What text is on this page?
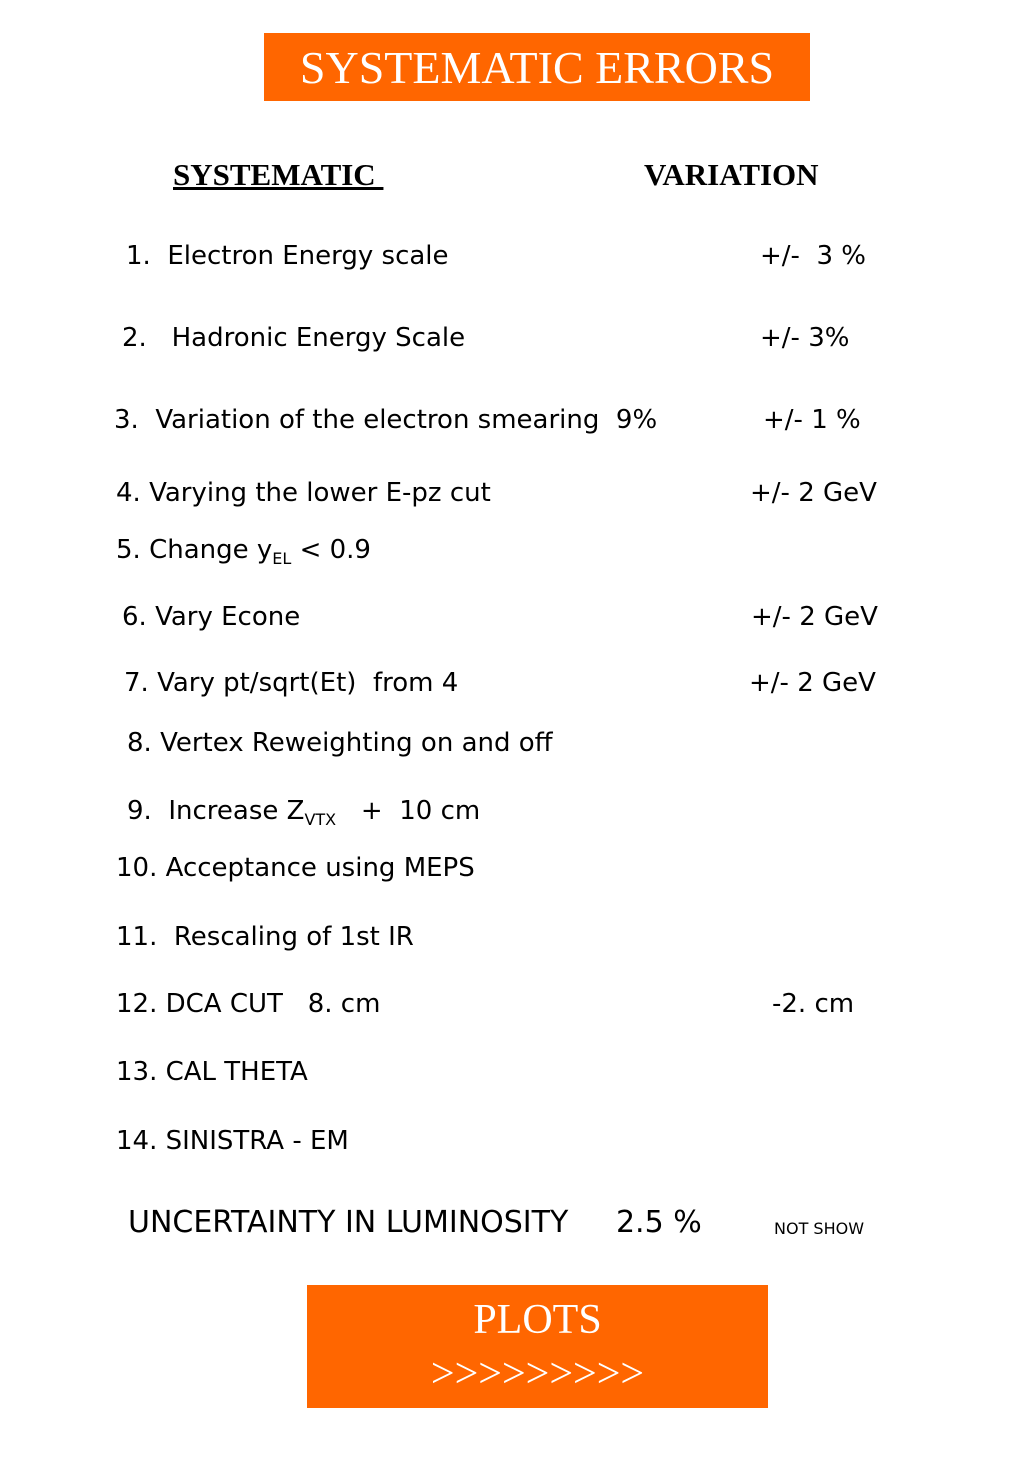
SYSTEMATIC ERRORS
SYSTEMATIC	VARIATION
1.  Electron Energy scale	+/-  3 %
2.   Hadronic Energy Scale	+/- 3%
3.  Variation of the electron smearing  9%	+/- 1 %
4. Varying the lower E-pz cut	+/- 2 GeV
5. Change $y_{EL} < 0.9$
6. Vary Econe	+/- 2 GeV
7. Vary pt/sqrt(Et)  from 4	+/- 2 GeV
8. Vertex Reweighting on and off
9.  Increase $Z_{VTX} + 10$ cm
10. Acceptance using MEPS
11.  Rescaling of 1st IR
12. DCA CUT   8. cm	-2. cm
13. CAL THETA
14. SINISTRA - EM
UNCERTAINTY IN LUMINOSITY     2.5 %	NOT SHOW
PLOTS
>>>>>>>>>
